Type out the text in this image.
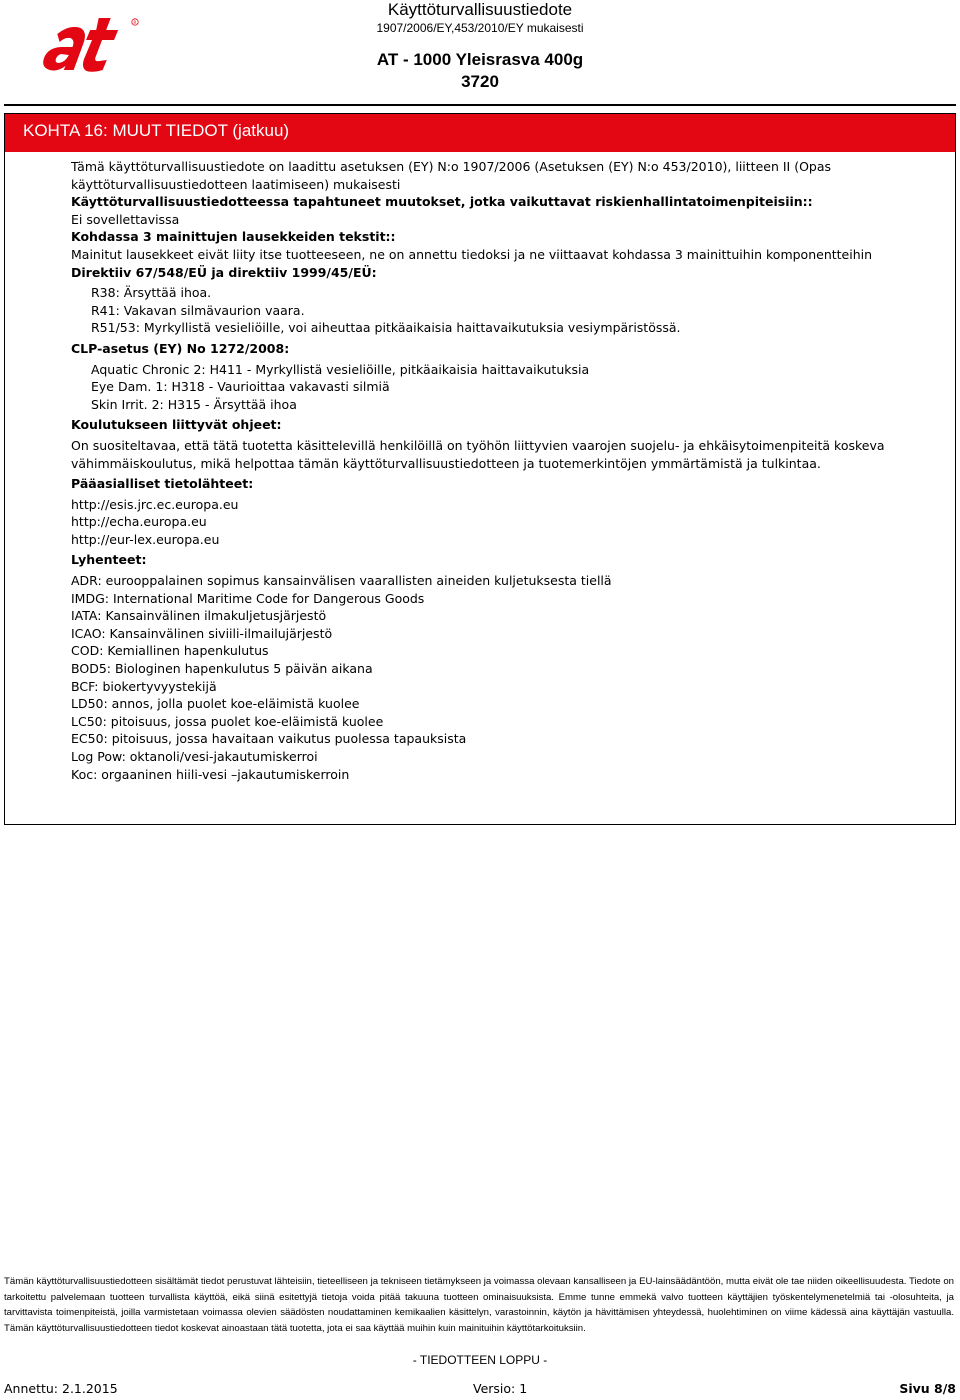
R
Käyttöturvallisuustiedote
1907/2006/EY,453/2010/EY mukaisesti
AT - 1000 Yleisrasva 400g
3720
KOHTA 16: MUUT TIEDOT (jatkuu)
Tämä käyttöturvallisuustiedote on laadittu asetuksen (EY) N:o 1907/2006 (Asetuksen (EY) N:o 453/2010), liitteen II (Opas
käyttöturvallisuustiedotteen laatimiseen) mukaisesti
Käyttöturvallisuustiedotteessa tapahtuneet muutokset, jotka vaikuttavat riskienhallintatoimenpiteisiin::
Ei sovellettavissa
Kohdassa 3 mainittujen lausekkeiden tekstit::
Mainitut lausekkeet eivät liity itse tuotteeseen, ne on annettu tiedoksi ja ne viittaavat kohdassa 3 mainittuihin komponentteihin
Direktiiv 67/548/EÜ ja direktiiv 1999/45/EÜ:
R38: Ärsyttää ihoa.
R41: Vakavan silmävaurion vaara.
R51/53: Myrkyllistä vesieliöille, voi aiheuttaa pitkäaikaisia haittavaikutuksia vesiympäristössä.
CLP-asetus (EY) No 1272/2008:
Aquatic Chronic 2: H411 - Myrkyllistä vesieliöille, pitkäaikaisia haittavaikutuksia
Eye Dam. 1: H318 - Vaurioittaa vakavasti silmiä
Skin Irrit. 2: H315 - Ärsyttää ihoa
Koulutukseen liittyvät ohjeet:
On suositeltavaa, että tätä tuotetta käsittelevillä henkilöillä on työhön liittyvien vaarojen suojelu- ja ehkäisytoimenpiteitä koskeva
vähimmäiskoulutus, mikä helpottaa tämän käyttöturvallisuustiedotteen ja tuotemerkintöjen ymmärtämistä ja tulkintaa.
Pääasialliset tietolähteet:
http://esis.jrc.ec.europa.eu
http://echa.europa.eu
http://eur-lex.europa.eu
Lyhenteet:
ADR: eurooppalainen sopimus kansainvälisen vaarallisten aineiden kuljetuksesta tiellä
IMDG: International Maritime Code for Dangerous Goods
IATA: Kansainvälinen ilmakuljetusjärjestö
ICAO: Kansainvälinen siviili-ilmailujärjestö
COD: Kemiallinen hapenkulutus
BOD5: Biologinen hapenkulutus 5 päivän aikana
BCF: biokertyvyystekijä
LD50: annos, jolla puolet koe-eläimistä kuolee
LC50: pitoisuus, jossa puolet koe-eläimistä kuolee
EC50: pitoisuus, jossa havaitaan vaikutus puolessa tapauksista
Log Pow: oktanoli/vesi-jakautumiskerroi
Koc: orgaaninen hiili-vesi –jakautumiskerroin
Tämän käyttöturvallisuustiedotteen sisältämät tiedot perustuvat lähteisiin, tieteelliseen ja tekniseen tietämykseen ja voimassa olevaan kansalliseen ja EU-lainsäädäntöön, mutta eivät ole tae niiden oikeellisuudesta. Tiedote on tarkoitettu palvelemaan tuotteen turvallista käyttöä, eikä siinä esitettyjä tietoja voida pitää takuuna tuotteen ominaisuuksista. Emme tunne emmekä valvo tuotteen käyttäjien työskentelymenetelmiä tai -olosuhteita, ja tarvittavista toimenpiteistä, joilla varmistetaan voimassa olevien säädösten noudattaminen kemikaalien käsittelyn, varastoinnin, käytön ja hävittämisen yhteydessä, huolehtiminen on viime kädessä aina käyttäjän vastuulla. Tämän käyttöturvallisuustiedotteen tiedot koskevat ainoastaan tätä tuotetta, jota ei saa käyttää muihin kuin mainituihin käyttötarkoituksiin.
- TIEDOTTEEN LOPPU -
Annettu: 2.1.2015	Versio: 1	Sivu 8/8
